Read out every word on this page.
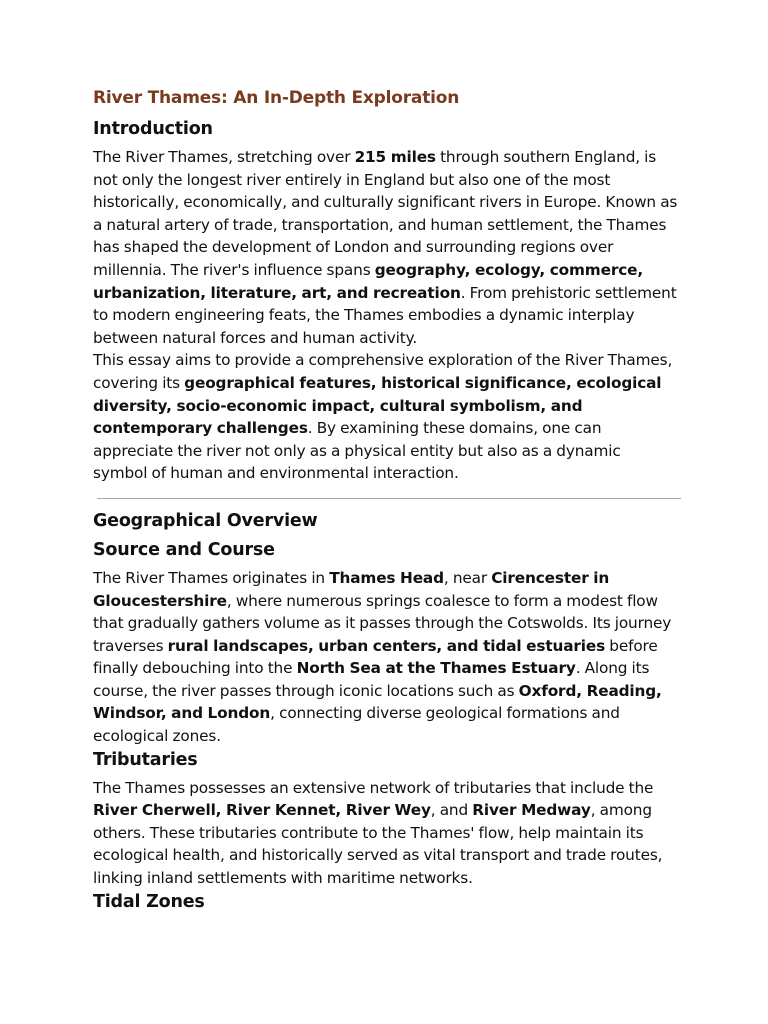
River Thames: An In-Depth Exploration
Introduction

The River Thames, stretching over 215 miles through southern England, is not only the longest river entirely in England but also one of the most historically, economically, and culturally significant rivers in Europe. Known as a natural artery of trade, transportation, and human settlement, the Thames has shaped the development of London and surrounding regions over millennia. The river's influence spans geography, ecology, commerce, urbanization, literature, art, and recreation. From prehistoric settlement to modern engineering feats, the Thames embodies a dynamic interplay between natural forces and human activity.

This essay aims to provide a comprehensive exploration of the River Thames, covering its geographical features, historical significance, ecological diversity, socio-economic impact, cultural symbolism, and contemporary challenges. By examining these domains, one can appreciate the river not only as a physical entity but also as a dynamic symbol of human and environmental interaction.

Geographical Overview
Source and Course

The River Thames originates in Thames Head, near Cirencester in Gloucestershire, where numerous springs coalesce to form a modest flow that gradually gathers volume as it passes through the Cotswolds. Its journey traverses rural landscapes, urban centers, and tidal estuaries before finally debouching into the North Sea at the Thames Estuary. Along its course, the river passes through iconic locations such as Oxford, Reading, Windsor, and London, connecting diverse geological formations and ecological zones.

Tributaries

The Thames possesses an extensive network of tributaries that include the River Cherwell, River Kennet, River Wey, and River Medway, among others. These tributaries contribute to the Thames' flow, help maintain its ecological health, and historically served as vital transport and trade routes, linking inland settlements with maritime networks.

Tidal Zones
